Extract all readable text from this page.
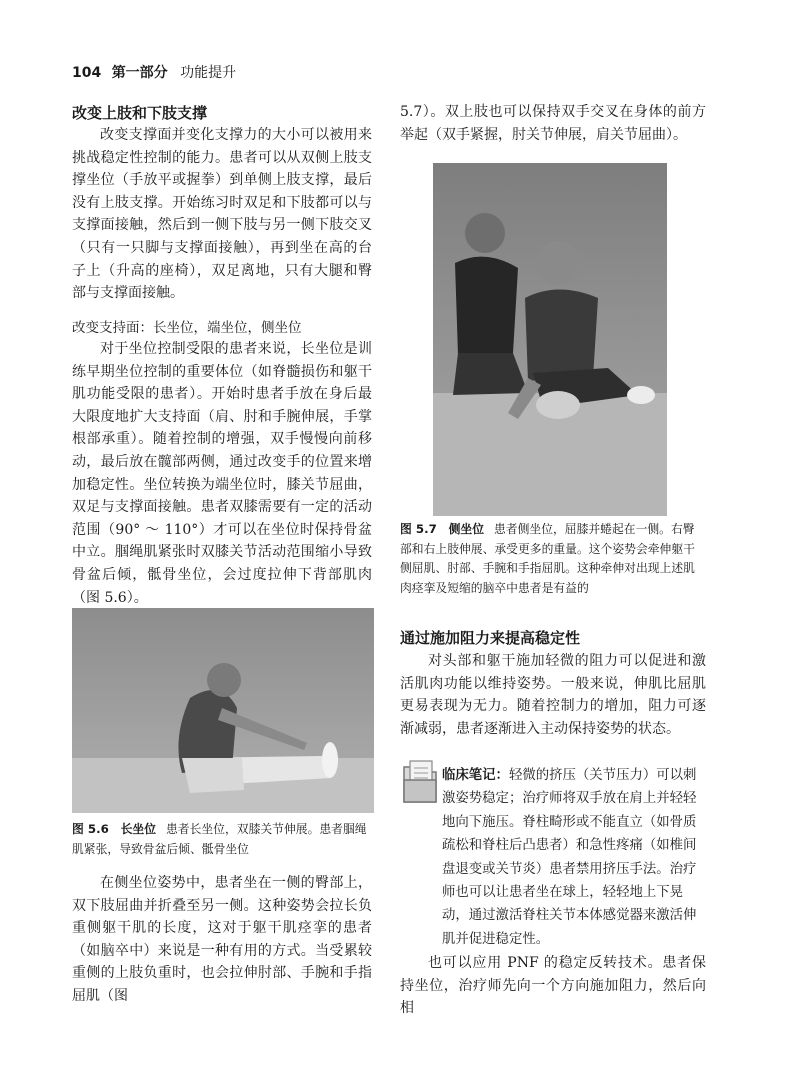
104 第一部分 功能提升
改变上肢和下肢支撑
改变支撑面并变化支撑力的大小可以被用来挑战稳定性控制的能力。患者可以从双侧上肢支撑坐位（手放平或握拳）到单侧上肢支撑，最后没有上肢支撑。开始练习时双足和下肢都可以与支撑面接触，然后到一侧下肢与另一侧下肢交叉（只有一只脚与支撑面接触），再到坐在高的台子上（升高的座椅），双足离地，只有大腿和臀部与支撑面接触。
改变支持面：长坐位，端坐位，侧坐位
对于坐位控制受限的患者来说，长坐位是训练早期坐位控制的重要体位（如脊髓损伤和躯干肌功能受限的患者）。开始时患者手放在身后最大限度地扩大支持面（肩、肘和手腕伸展，手掌根部承重）。随着控制的增强，双手慢慢向前移动，最后放在髋部两侧，通过改变手的位置来增加稳定性。坐位转换为端坐位时，膝关节屈曲，双足与支撑面接触。患者双膝需要有一定的活动范围（90° ～ 110°）才可以在坐位时保持骨盆中立。腘绳肌紧张时双膝关节活动范围缩小导致骨盆后倾，骶骨坐位，会过度拉伸下背部肌肉（图 5.6）。
图 5.6　长坐位 患者长坐位，双膝关节伸展。患者腘绳肌紧张，导致骨盆后倾、骶骨坐位
在侧坐位姿势中，患者坐在一侧的臀部上，双下肢屈曲并折叠至另一侧。这种姿势会拉长负重侧躯干肌的长度，这对于躯干肌痉挛的患者（如脑卒中）来说是一种有用的方式。当受累较重侧的上肢负重时，也会拉伸肘部、手腕和手指屈肌（图
5.7）。双上肢也可以保持双手交叉在身体的前方举起（双手紧握，肘关节伸展，肩关节屈曲）。
图 5.7　侧坐位 患者侧坐位，屈膝并蜷起在一侧。右臀部和右上肢伸展、承受更多的重量。这个姿势会牵伸躯干侧屈肌、肘部、手腕和手指屈肌。这种牵伸对出现上述肌肉痉挛及短缩的脑卒中患者是有益的
通过施加阻力来提高稳定性
对头部和躯干施加轻微的阻力可以促进和激活肌肉功能以维持姿势。一般来说，伸肌比屈肌更易表现为无力。随着控制力的增加，阻力可逐渐减弱，患者逐渐进入主动保持姿势的状态。
临床笔记：轻微的挤压（关节压力）可以刺激姿势稳定；治疗师将双手放在肩上并轻轻地向下施压。脊柱畸形或不能直立（如骨质疏松和脊柱后凸患者）和急性疼痛（如椎间盘退变或关节炎）患者禁用挤压手法。治疗师也可以让患者坐在球上，轻轻地上下晃动，通过激活脊柱关节本体感觉器来激活伸肌并促进稳定性。
也可以应用 PNF 的稳定反转技术。患者保持坐位，治疗师先向一个方向施加阻力，然后向相
